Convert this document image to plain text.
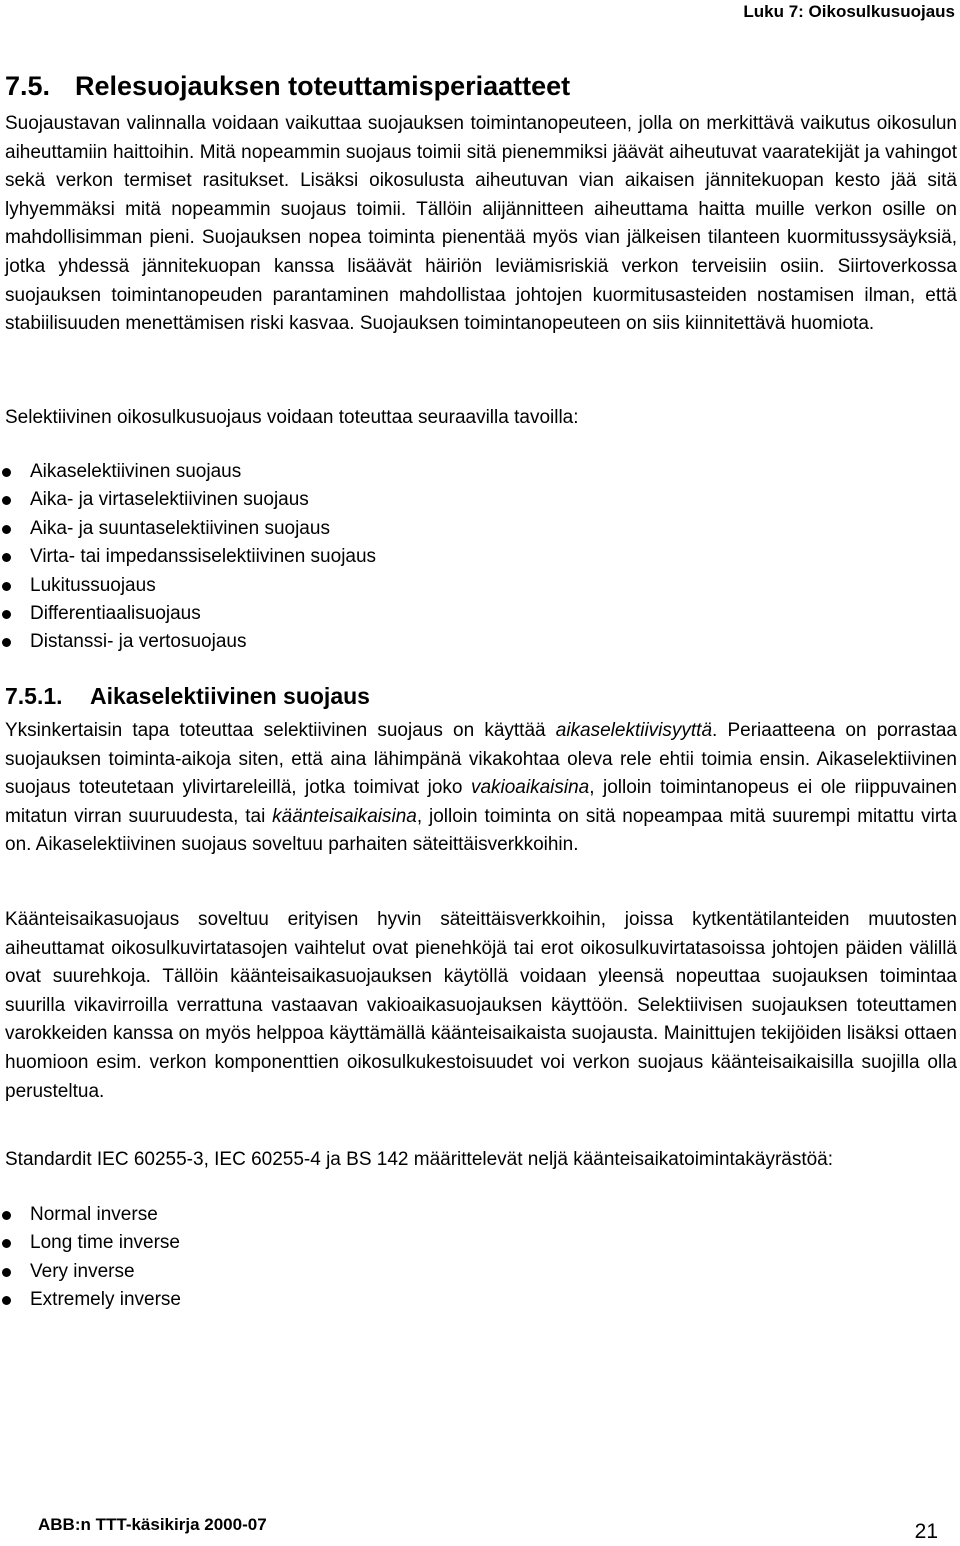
Luku 7: Oikosulkusuojaus
7.5. Relesuojauksen toteuttamisperiaatteet

Suojaustavan valinnalla voidaan vaikuttaa suojauksen toimintanopeuteen, jolla on merkittävä vaikutus oikosulun aiheuttamiin haittoihin. Mitä nopeammin suojaus toimii sitä pienemmiksi jäävät aiheutuvat vaaratekijät ja vahingot sekä verkon termiset rasitukset. Lisäksi oikosulusta aiheutuvan vian aikaisen jännitekuopan kesto jää sitä lyhyemmäksi mitä nopeammin suojaus toimii. Tällöin alijännitteen aiheuttama haitta muille verkon osille on mahdollisimman pieni. Suojauksen nopea toiminta pienentää myös vian jälkeisen tilanteen kuormitussysäyksiä, jotka yhdessä jännitekuopan kanssa lisäävät häiriön leviämisriskiä verkon terveisiin osiin. Siirtoverkossa suojauksen toimintanopeuden parantaminen mahdollistaa johtojen kuormitusasteiden nostamisen ilman, että stabiilisuuden menettämisen riski kasvaa. Suojauksen toimintanopeuteen on siis kiinnitettävä huomiota.

Selektiivinen oikosulkusuojaus voidaan toteuttaa seuraavilla tavoilla:

Aikaselektiivinen suojaus
Aika- ja virtaselektiivinen suojaus
Aika- ja suuntaselektiivinen suojaus
Virta- tai impedanssiselektiivinen suojaus
Lukitussuojaus
Differentiaalisuojaus
Distanssi- ja vertosuojaus
7.5.1. Aikaselektiivinen suojaus

Yksinkertaisin tapa toteuttaa selektiivinen suojaus on käyttää aikaselektiivisyyttä. Periaatteena on porrastaa suojauksen toiminta-aikoja siten, että aina lähimpänä vikakohtaa oleva rele ehtii toimia ensin. Aikaselektiivinen suojaus toteutetaan ylivirtareleillä, jotka toimivat joko vakioaikaisina, jolloin toimintanopeus ei ole riippuvainen mitatun virran suuruudesta, tai käänteisaikaisina, jolloin toiminta on sitä nopeampaa mitä suurempi mitattu virta on. Aikaselektiivinen suojaus soveltuu parhaiten säteittäisverkkoihin.

Käänteisaikasuojaus soveltuu erityisen hyvin säteittäisverkkoihin, joissa kytkentätilanteiden muutosten aiheuttamat oikosulkuvirtatasojen vaihtelut ovat pienehköjä tai erot oikosulkuvirtatasoissa johtojen päiden välillä ovat suurehkoja. Tällöin käänteisaikasuojauksen käytöllä voidaan yleensä nopeuttaa suojauksen toimintaa suurilla vikavirroilla verrattuna vastaavan vakioaikasuojauksen käyttöön. Selektiivisen suojauksen toteuttamen varokkeiden kanssa on myös helppoa käyttämällä käänteisaikaista suojausta. Mainittujen tekijöiden lisäksi ottaen huomioon esim. verkon komponenttien oikosulkukestoisuudet voi verkon suojaus käänteisaikaisilla suojilla olla perusteltua.

Standardit IEC 60255-3, IEC 60255-4 ja BS 142 määrittelevät neljä käänteisaikatoimintakäyrästöä:

Normal inverse
Long time inverse
Very inverse
Extremely inverse
ABB:n TTT-käsikirja 2000-07	21
